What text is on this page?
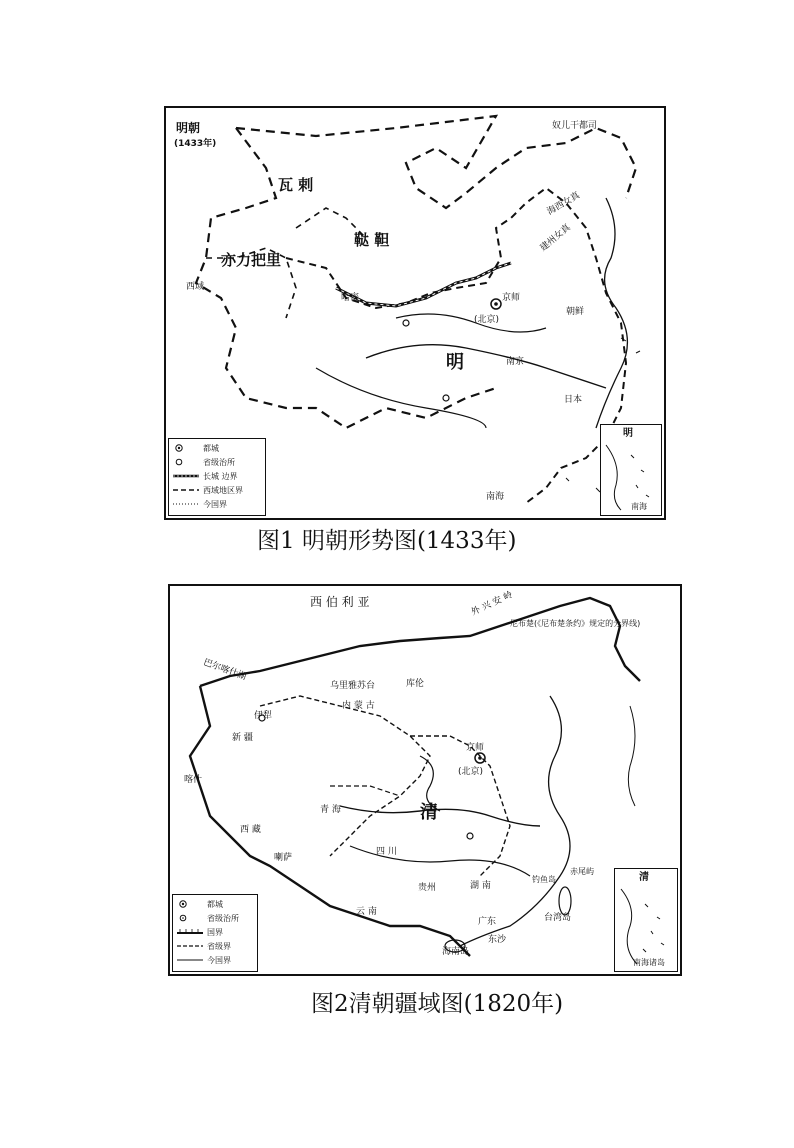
明朝
(1433年)
瓦 剌
鞑 靼
亦力把里
明
奴儿干都司
海西女真
建州女真
京师
(北京)
西域
哈密
朝鲜
日本
南海
南京
都城
省级治所
长城 边界
西域地区界
今国界
明
南海
图1 明朝形势图(1433年)
西 伯 利 亚	外 兴 安 岭
尼布楚(《尼布楚条约》规定的分界线)
巴尔喀什湖
乌里雅苏台	库伦
内 蒙 古
伊犁
新 疆
京师
(北京)
清
青 海
西 藏
喇萨
四 川
云 南
贵州	湖 南
广东	台湾岛
钓鱼岛
赤尾屿
海南岛
东沙
喀什
都城
省级治所
国界
省级界
今国界
清
南海诸岛
图2清朝疆域图(1820年)
